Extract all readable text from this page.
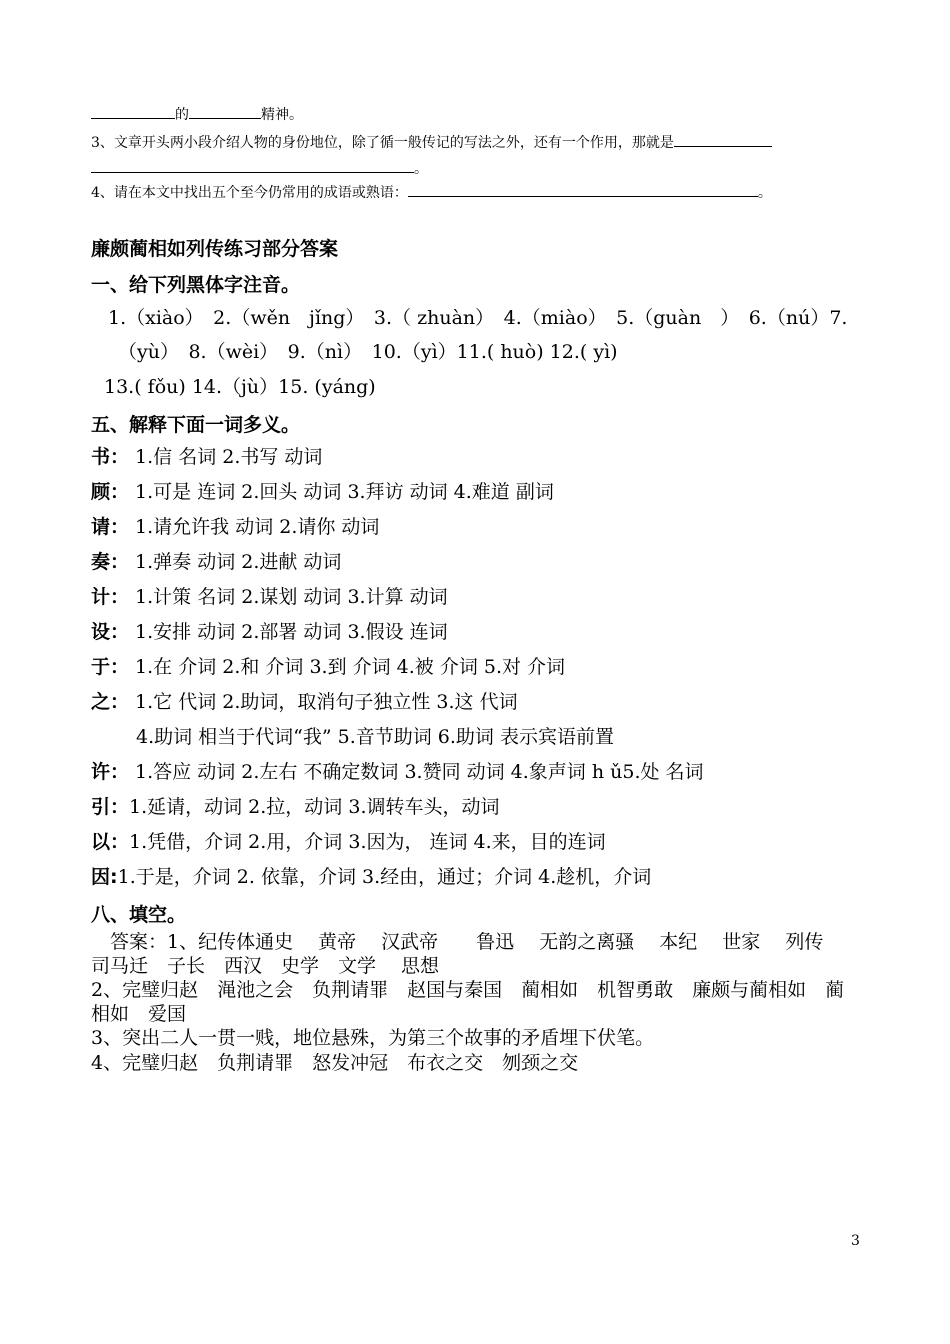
的	精神。
3、文章开头两小段介绍人物的身份地位，除了循一般传记的写法之外，还有一个作用，那就是
。
4、请在本文中找出五个至今仍常用的成语或熟语：	。
廉颇蔺相如列传练习部分答案
一、给下列黑体字注音。
1.（xiào）　2.（wěn　jǐng）　3.（ zhuàn）　4.（miào）　5.（guàn　）　6.（nú）7.
（yù）　8.（wèi）　9.（nì）　10.（yì）11.( huò) 12.( yì)
13.( fǒu) 14.（jù）15. (yáng)
五、解释下面一词多义。
书： 1.信 名词 2.书写 动词
顾： 1.可是 连词 2.回头 动词 3.拜访 动词 4.难道 副词
请： 1.请允许我 动词 2.请你 动词
奏： 1.弹奏 动词 2.进献 动词
计： 1.计策 名词 2.谋划 动词 3.计算 动词
设： 1.安排 动词 2.部署 动词 3.假设 连词
于： 1.在 介词 2.和 介词 3.到 介词 4.被 介词 5.对 介词
之： 1.它 代词 2.助词，取消句子独立性 3.这 代词
4.助词 相当于代词“我” 5.音节助词 6.助词 表示宾语前置
许： 1.答应 动词 2.左右 不确定数词 3.赞同 动词 4.象声词 h ǔ5.处 名词
引：1.延请，动词 2.拉，动词 3.调转车头，动词
以：1.凭借，介词 2.用，介词 3.因为， 连词 4.来，目的连词
因:1.于是，介词 2. 依靠，介词 3.经由，通过；介词 4.趁机，介词
八、填空。
　答案：1、纪传体通史　 黄帝　 汉武帝　　鲁迅　 无韵之离骚　 本纪　 世家　 列传　 司马迁　子长　西汉　史学　文学　 思想
2、完璧归赵　渑池之会　负荆请罪　赵国与秦国　蔺相如　机智勇敢　廉颇与蔺相如　蔺相如　爱国
3、突出二人一贯一贱，地位悬殊，为第三个故事的矛盾埋下伏笔。
4、完璧归赵　负荆请罪　怒发冲冠　布衣之交　刎颈之交
3
